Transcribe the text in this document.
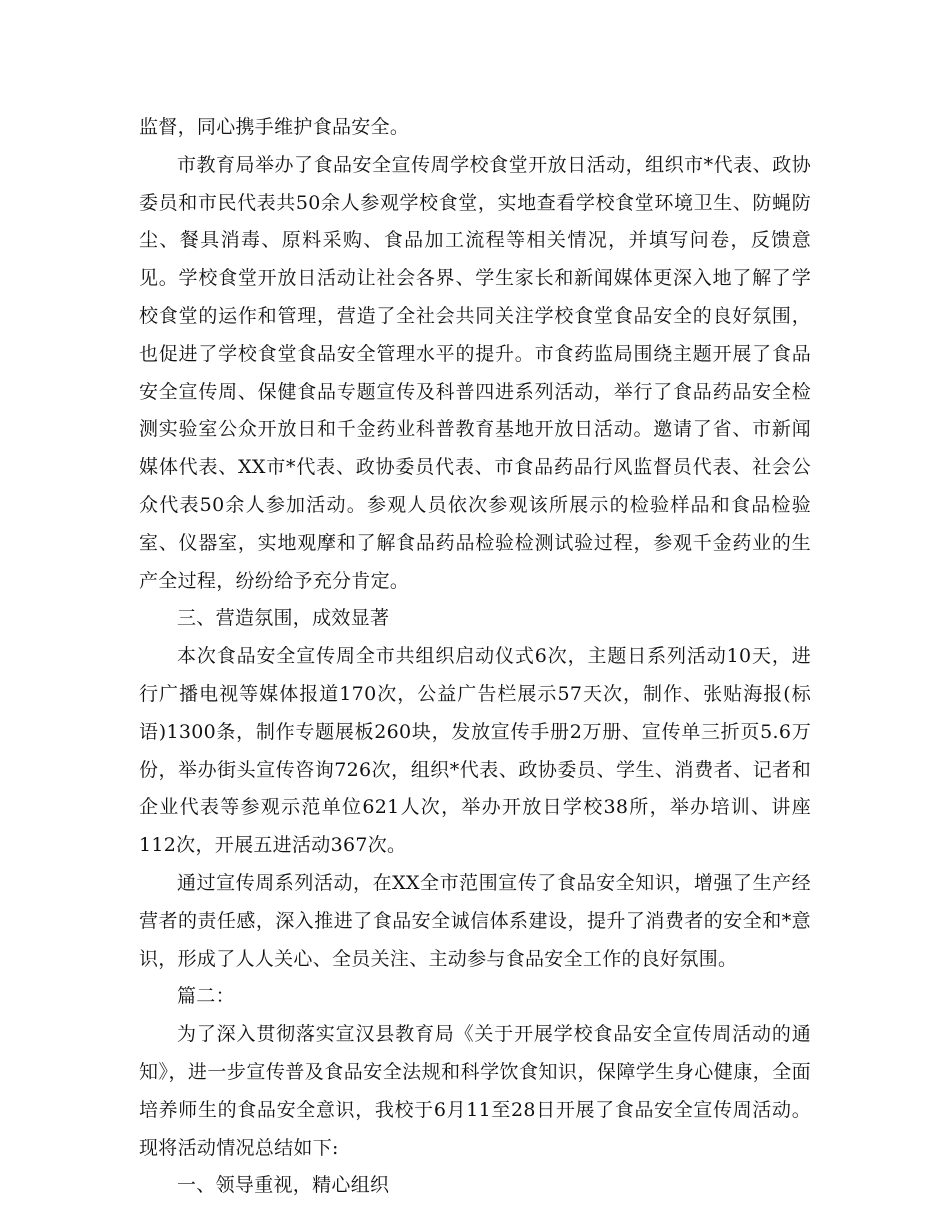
监督，同心携手维护食品安全。

市教育局举办了食品安全宣传周学校食堂开放日活动，组织市*代表、政协委员和市民代表共50余人参观学校食堂，实地查看学校食堂环境卫生、防蝇防尘、餐具消毒、原料采购、食品加工流程等相关情况，并填写问卷，反馈意见。学校食堂开放日活动让社会各界、学生家长和新闻媒体更深入地了解了学校食堂的运作和管理，营造了全社会共同关注学校食堂食品安全的良好氛围，也促进了学校食堂食品安全管理水平的提升。市食药监局围绕主题开展了食品安全宣传周、保健食品专题宣传及科普四进系列活动，举行了食品药品安全检测实验室公众开放日和千金药业科普教育基地开放日活动。邀请了省、市新闻媒体代表、XX市*代表、政协委员代表、市食品药品行风监督员代表、社会公众代表50余人参加活动。参观人员依次参观该所展示的检验样品和食品检验室、仪器室，实地观摩和了解食品药品检验检测试验过程，参观千金药业的生产全过程，纷纷给予充分肯定。

三、营造氛围，成效显著

本次食品安全宣传周全市共组织启动仪式6次，主题日系列活动10天，进行广播电视等媒体报道170次，公益广告栏展示57天次，制作、张贴海报(标语)1300条，制作专题展板260块，发放宣传手册2万册、宣传单三折页5.6万份，举办街头宣传咨询726次，组织*代表、政协委员、学生、消费者、记者和企业代表等参观示范单位621人次，举办开放日学校38所，举办培训、讲座112次，开展五进活动367次。

通过宣传周系列活动，在XX全市范围宣传了食品安全知识，增强了生产经营者的责任感，深入推进了食品安全诚信体系建设，提升了消费者的安全和*意识，形成了人人关心、全员关注、主动参与食品安全工作的良好氛围。

篇二：

为了深入贯彻落实宣汉县教育局《关于开展学校食品安全宣传周活动的通知》，进一步宣传普及食品安全法规和科学饮食知识，保障学生身心健康，全面培养师生的食品安全意识，我校于6月11至28日开展了食品安全宣传周活动。现将活动情况总结如下:

一、领导重视，精心组织
